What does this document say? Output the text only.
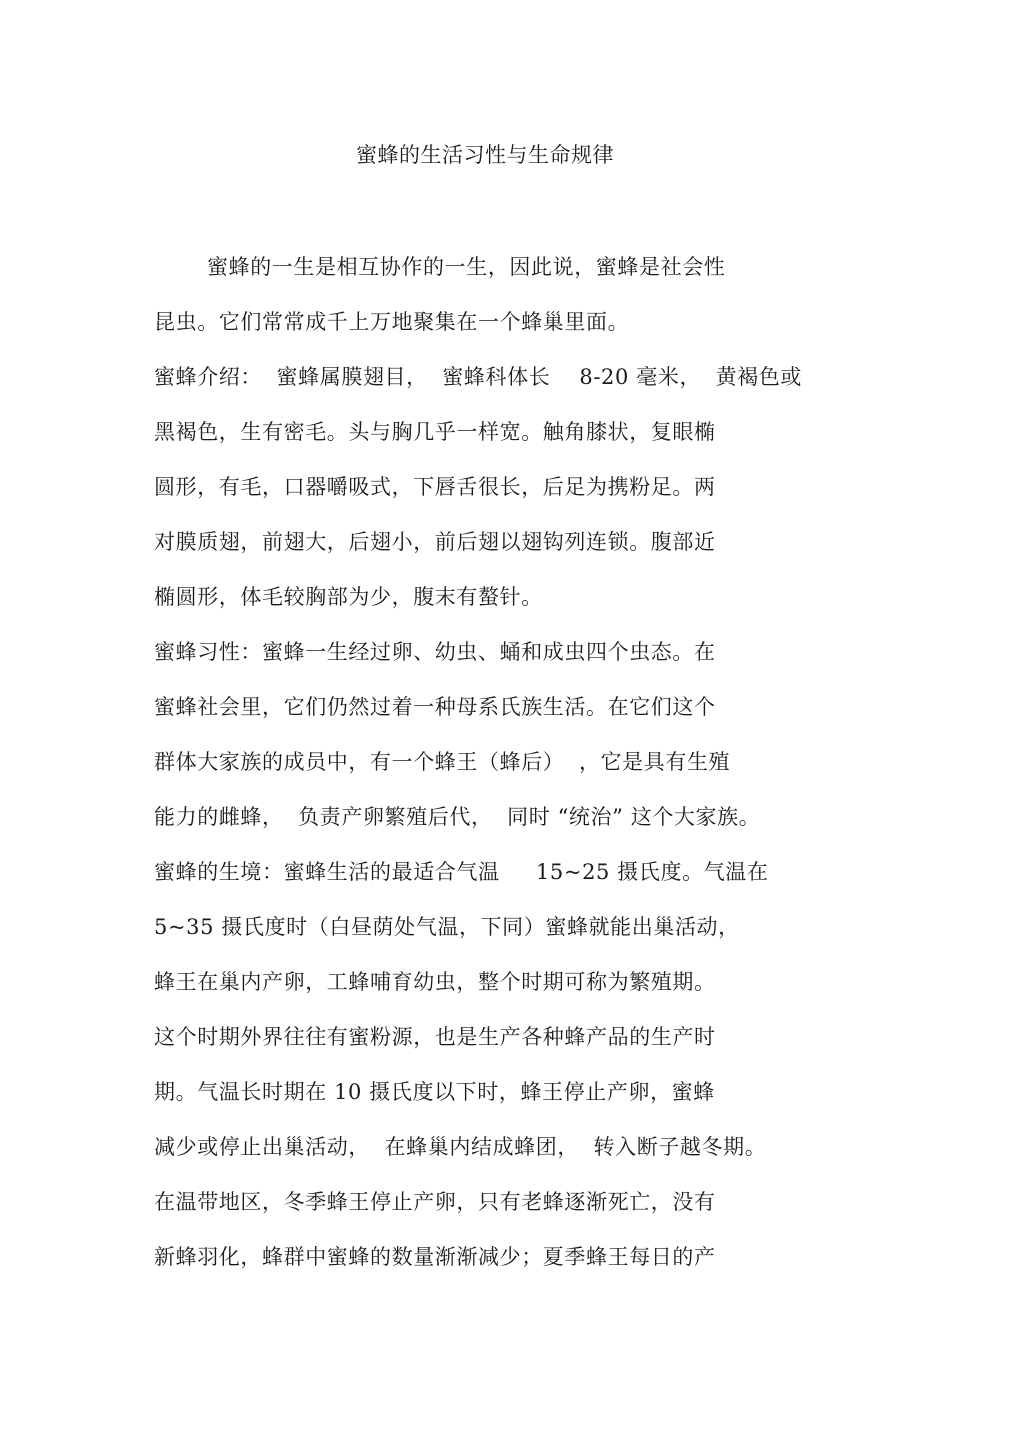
蜜蜂的生活习性与生命规律
蜜蜂的一生是相互协作的一生，因此说，蜜蜂是社会性
昆虫。它们常常成千上万地聚集在一个蜂巢里面。
蜜蜂介绍：  蜜蜂属膜翅目，  蜜蜂科体长    8-20 毫米，  黄褐色或
黑褐色，生有密毛。头与胸几乎一样宽。触角膝状，复眼椭
圆形，有毛，口器嚼吸式，下唇舌很长，后足为携粉足。两
对膜质翅，前翅大，后翅小，前后翅以翅钩列连锁。腹部近
椭圆形，体毛较胸部为少，腹末有螯针。
蜜蜂习性：蜜蜂一生经过卵、幼虫、蛹和成虫四个虫态。在
蜜蜂社会里，它们仍然过着一种母系氏族生活。在它们这个
群体大家族的成员中，有一个蜂王（蜂后）  ，它是具有生殖
能力的雌蜂，  负责产卵繁殖后代，  同时 “统治” 这个大家族。
蜜蜂的生境：蜜蜂生活的最适合气温     15~25 摄氏度。气温在
5~35 摄氏度时（白昼荫处气温，下同）蜜蜂就能出巢活动，
蜂王在巢内产卵，工蜂哺育幼虫，整个时期可称为繁殖期。
这个时期外界往往有蜜粉源，也是生产各种蜂产品的生产时
期。气温长时期在 10 摄氏度以下时，蜂王停止产卵，蜜蜂
减少或停止出巢活动，  在蜂巢内结成蜂团，  转入断子越冬期。
在温带地区，冬季蜂王停止产卵，只有老蜂逐渐死亡，没有
新蜂羽化，蜂群中蜜蜂的数量渐渐减少；夏季蜂王每日的产
